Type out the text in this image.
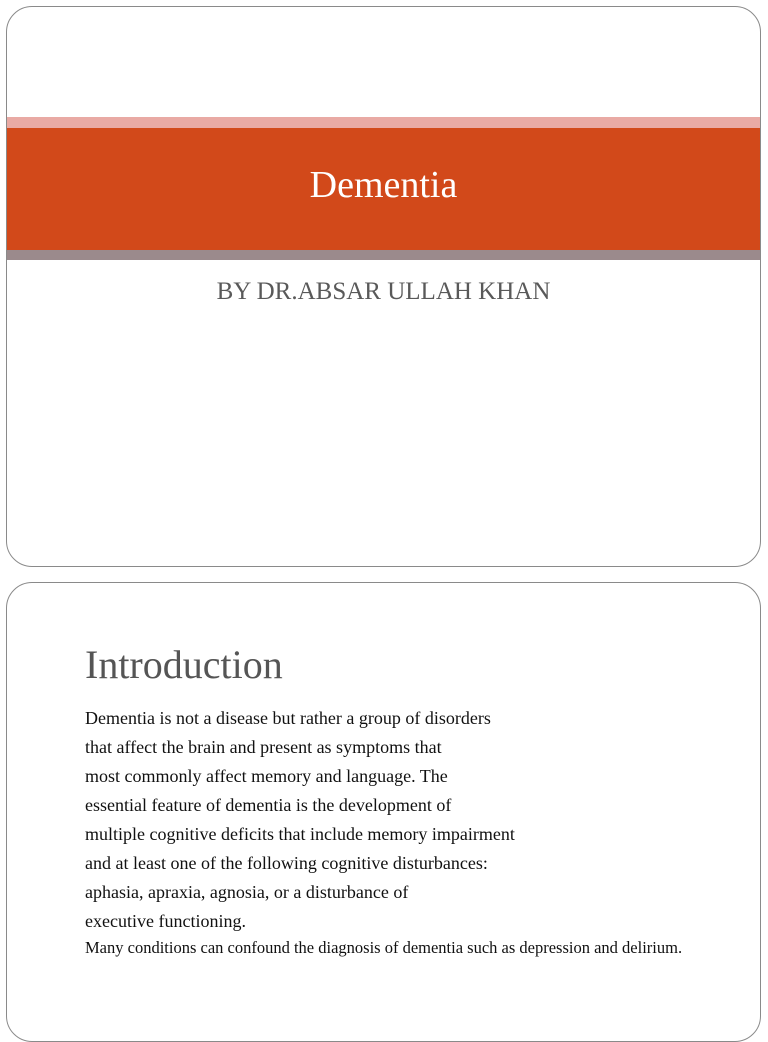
Dementia
BY DR.ABSAR ULLAH KHAN
Introduction
Dementia is not a disease but rather a group of disorders
that affect the brain and present as symptoms that
most commonly affect memory and language. The
essential feature of dementia is the development of
multiple cognitive deficits that include memory impairment
and at least one of the following cognitive disturbances:
aphasia, apraxia, agnosia, or a disturbance of
executive functioning.
Many conditions can confound the diagnosis of dementia such as depression and delirium.
